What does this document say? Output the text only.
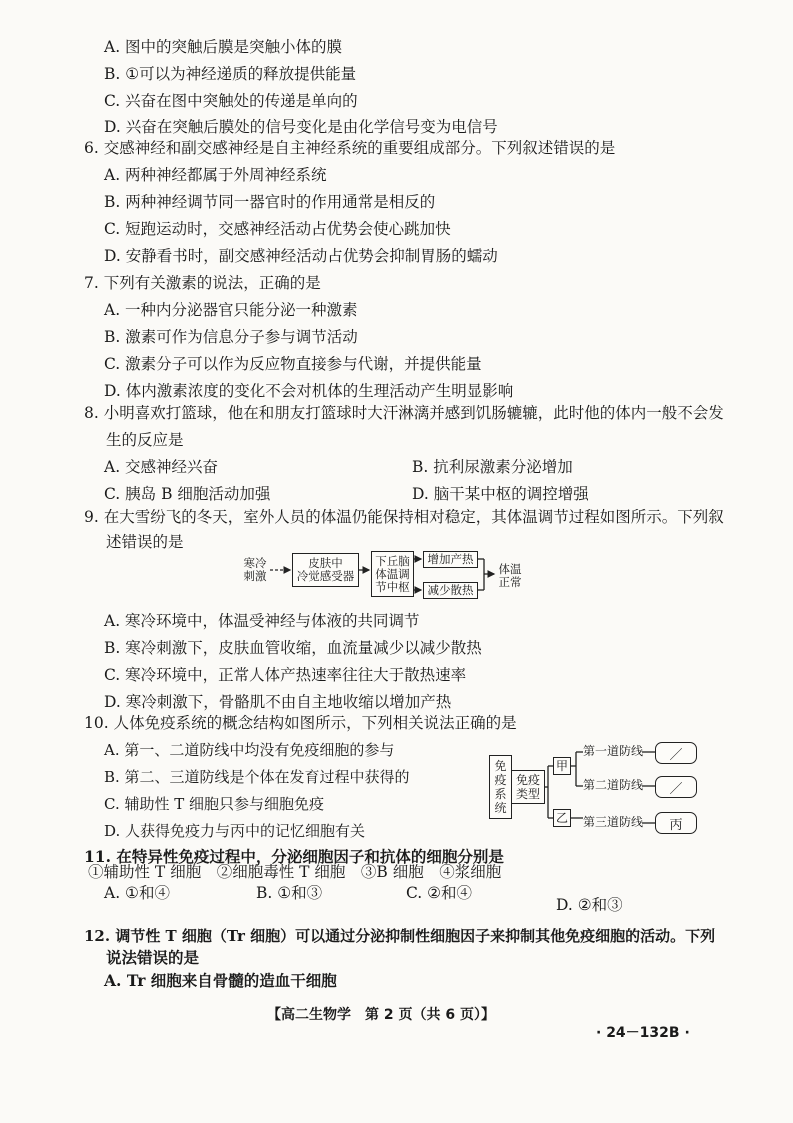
A. 图中的突触后膜是突触小体的膜
B. ①可以为神经递质的释放提供能量
C. 兴奋在图中突触处的传递是单向的
D. 兴奋在突触后膜处的信号变化是由化学信号变为电信号
6. 交感神经和副交感神经是自主神经系统的重要组成部分。下列叙述错误的是
A. 两种神经都属于外周神经系统
B. 两种神经调节同一器官时的作用通常是相反的
C. 短跑运动时，交感神经活动占优势会使心跳加快
D. 安静看书时，副交感神经活动占优势会抑制胃肠的蠕动
7. 下列有关激素的说法，正确的是
A. 一种内分泌器官只能分泌一种激素
B. 激素可作为信息分子参与调节活动
C. 激素分子可以作为反应物直接参与代谢，并提供能量
D. 体内激素浓度的变化不会对机体的生理活动产生明显影响
8. 小明喜欢打篮球，他在和朋友打篮球时大汗淋漓并感到饥肠辘辘，此时他的体内一般不会发
生的反应是
A. 交感神经兴奋	B. 抗利尿激素分泌增加
C. 胰岛 B 细胞活动加强	D. 脑干某中枢的调控增强
9. 在大雪纷飞的冬天，室外人员的体温仍能保持相对稳定，其体温调节过程如图所示。下列叙
述错误的是
寒冷
刺激
皮肤中
冷觉感受器
下丘脑
体温调
节中枢
增加产热
减少散热
体温
正常
A. 寒冷环境中，体温受神经与体液的共同调节
B. 寒冷刺激下，皮肤血管收缩，血流量减少以减少散热
C. 寒冷环境中，正常人体产热速率往往大于散热速率
D. 寒冷刺激下，骨骼肌不由自主地收缩以增加产热
10. 人体免疫系统的概念结构如图所示，下列相关说法正确的是
A. 第一、二道防线中均没有免疫细胞的参与
B. 第二、三道防线是个体在发育过程中获得的
C. 辅助性 T 细胞只参与细胞免疫
D. 人获得免疫力与丙中的记忆细胞有关
免
疫
系
统
免疫
类型
甲
乙
第一道防线
第二道防线
第三道防线
／
／
丙
11. 在特异性免疫过程中，分泌细胞因子和抗体的细胞分别是
①辅助性 T 细胞　②细胞毒性 T 细胞　③B 细胞　④浆细胞
A. ①和④	B. ①和③	C. ②和④
D. ②和③
12. 调节性 T 细胞（Tr 细胞）可以通过分泌抑制性细胞因子来抑制其他免疫细胞的活动。下列
说法错误的是
A. Tr 细胞来自骨髓的造血干细胞
【高二生物学　第 2 页（共 6 页）】
· 24－132B ·
